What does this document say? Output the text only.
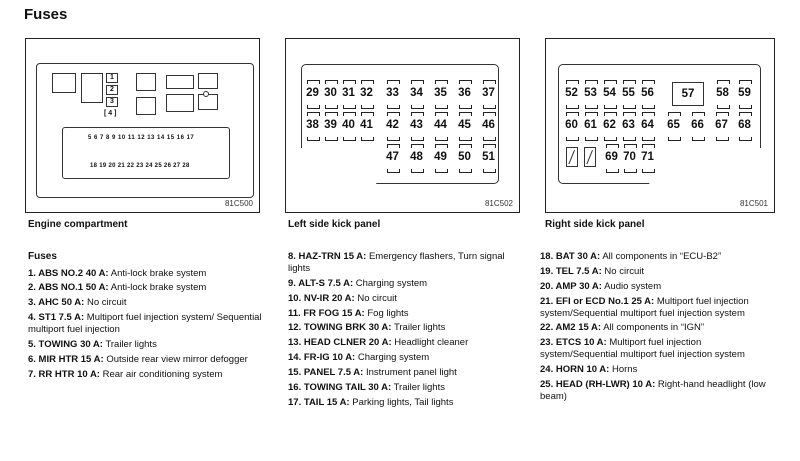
Fuses
1
2
3
[ 4 ]
5 6 7 8 9 10 11 12 13 14 15 16 17
18 19 20 21 22 23 24 25 26 27 28
81C500
Engine compartment
29 30 31 32 33 34 35 36 37
38 39 40 41 42 43 44 45 46
47 48 49 50 51
81C502
Left side kick panel
52 53 54 55 56	57	58 59
60 61 62 63 64 65 66 67 68
69 70 71
81C501
Right side kick panel
Fuses
1. ABS NO.2 40 A: Anti-lock brake system
2. ABS NO.1 50 A: Anti-lock brake system
3. AHC 50 A: No circuit
4. ST1 7.5 A: Multiport fuel injection system/ Sequential multiport fuel injection
5. TOWING 30 A: Trailer lights
6. MIR HTR 15 A: Outside rear view mirror defogger
7. RR HTR 10 A: Rear air conditioning system
8. HAZ-TRN 15 A: Emergency flashers, Turn signal lights
9. ALT-S 7.5 A: Charging system
10. NV-IR 20 A: No circuit
11. FR FOG 15 A: Fog lights
12. TOWING BRK 30 A: Trailer lights
13. HEAD CLNER 20 A: Headlight cleaner
14. FR-IG 10 A: Charging system
15. PANEL 7.5 A: Instrument panel light
16. TOWING TAIL 30 A: Trailer lights
17. TAIL 15 A: Parking lights, Tail lights
18. BAT 30 A: All components in “ECU-B2”
19. TEL 7.5 A: No circuit
20. AMP 30 A: Audio system
21. EFI or ECD No.1 25 A: Multiport fuel injection system/Sequential multiport fuel injection system
22. AM2 15 A: All components in “IGN”
23. ETCS 10 A: Multiport fuel injection system/Sequential multiport fuel injection system
24. HORN 10 A: Horns
25. HEAD (RH-LWR) 10 A: Right-hand headlight (low beam)
